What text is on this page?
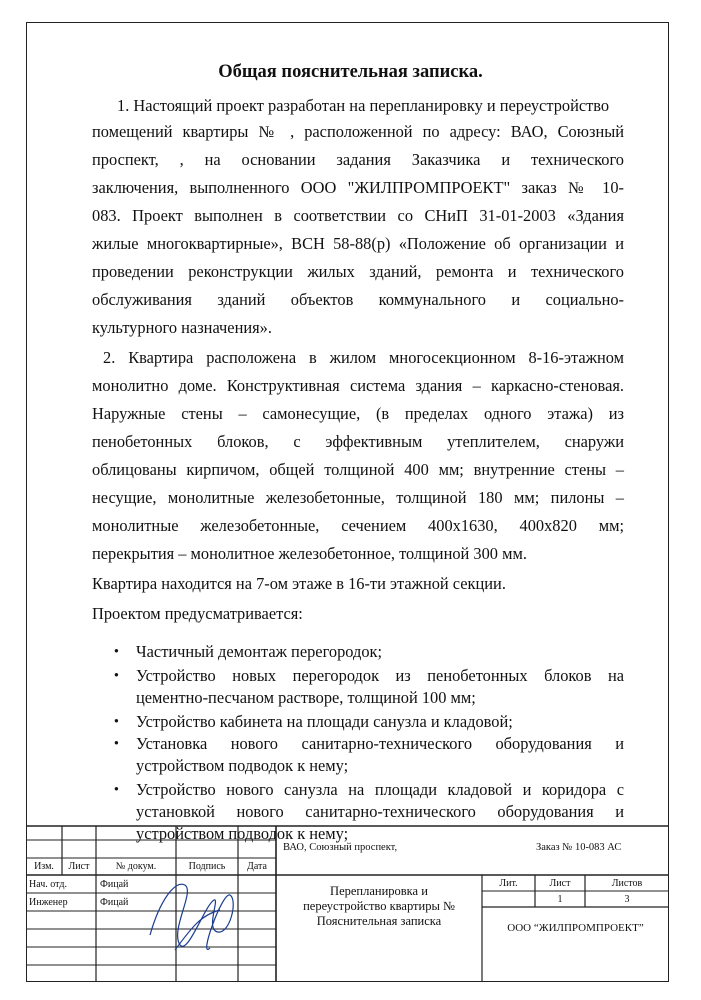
Общая пояснительная записка.
1. Настоящий проект разработан на перепланировку и переустройство
помещений квартиры № , расположенной по адресу: ВАО, Союзный
проспект, , на основании задания Заказчика и технического
заключения, выполненного ООО "ЖИЛПРОМПРОЕКТ" заказ № 10-
083. Проект выполнен в соответствии со СНиП 31-01-2003 «Здания
жилые многоквартирные», ВСН 58-88(р) «Положение об организации и
проведении реконструкции жилых зданий, ремонта и технического
обслуживания зданий объектов коммунального и социально-
культурного назначения».
2. Квартира расположена в жилом многосекционном 8-16-этажном
монолитно доме. Конструктивная система здания – каркасно-стеновая.
Наружные стены – самонесущие, (в пределах одного этажа) из
пенобетонных блоков, с эффективным утеплителем, снаружи
облицованы кирпичом, общей толщиной 400 мм; внутренние стены –
несущие, монолитные железобетонные, толщиной 180 мм; пилоны –
монолитные железобетонные, сечением 400x1630, 400x820 мм;
перекрытия – монолитное железобетонное, толщиной 300 мм.
Квартира находится на 7-ом этаже в 16-ти этажной секции.
Проектом предусматривается:
● Частичный демонтаж перегородок;
● Устройство новых перегородок из пенобетонных блоков на
цементно-песчаном растворе, толщиной 100 мм;
● Устройство кабинета на площади санузла и кладовой;
● Установка нового санитарно-технического оборудования и
устройством подводок к нему;
● Устройство нового санузла на площади кладовой и коридора с
установкой нового санитарно-технического оборудования и
устройством подводок к нему;
ВАО, Союзный проспект,	Заказ № 10-083 АС
Изм.	Лист	№ докум.	Подпись	Дата
Нач. отд.	Фицай
Инженер	Фицай
Перепланировка и
переустройство квартиры №
Пояснительная записка
Лит.	Лист	Листов
1	3
ООО “ЖИЛПРОМПРОЕКТ”
